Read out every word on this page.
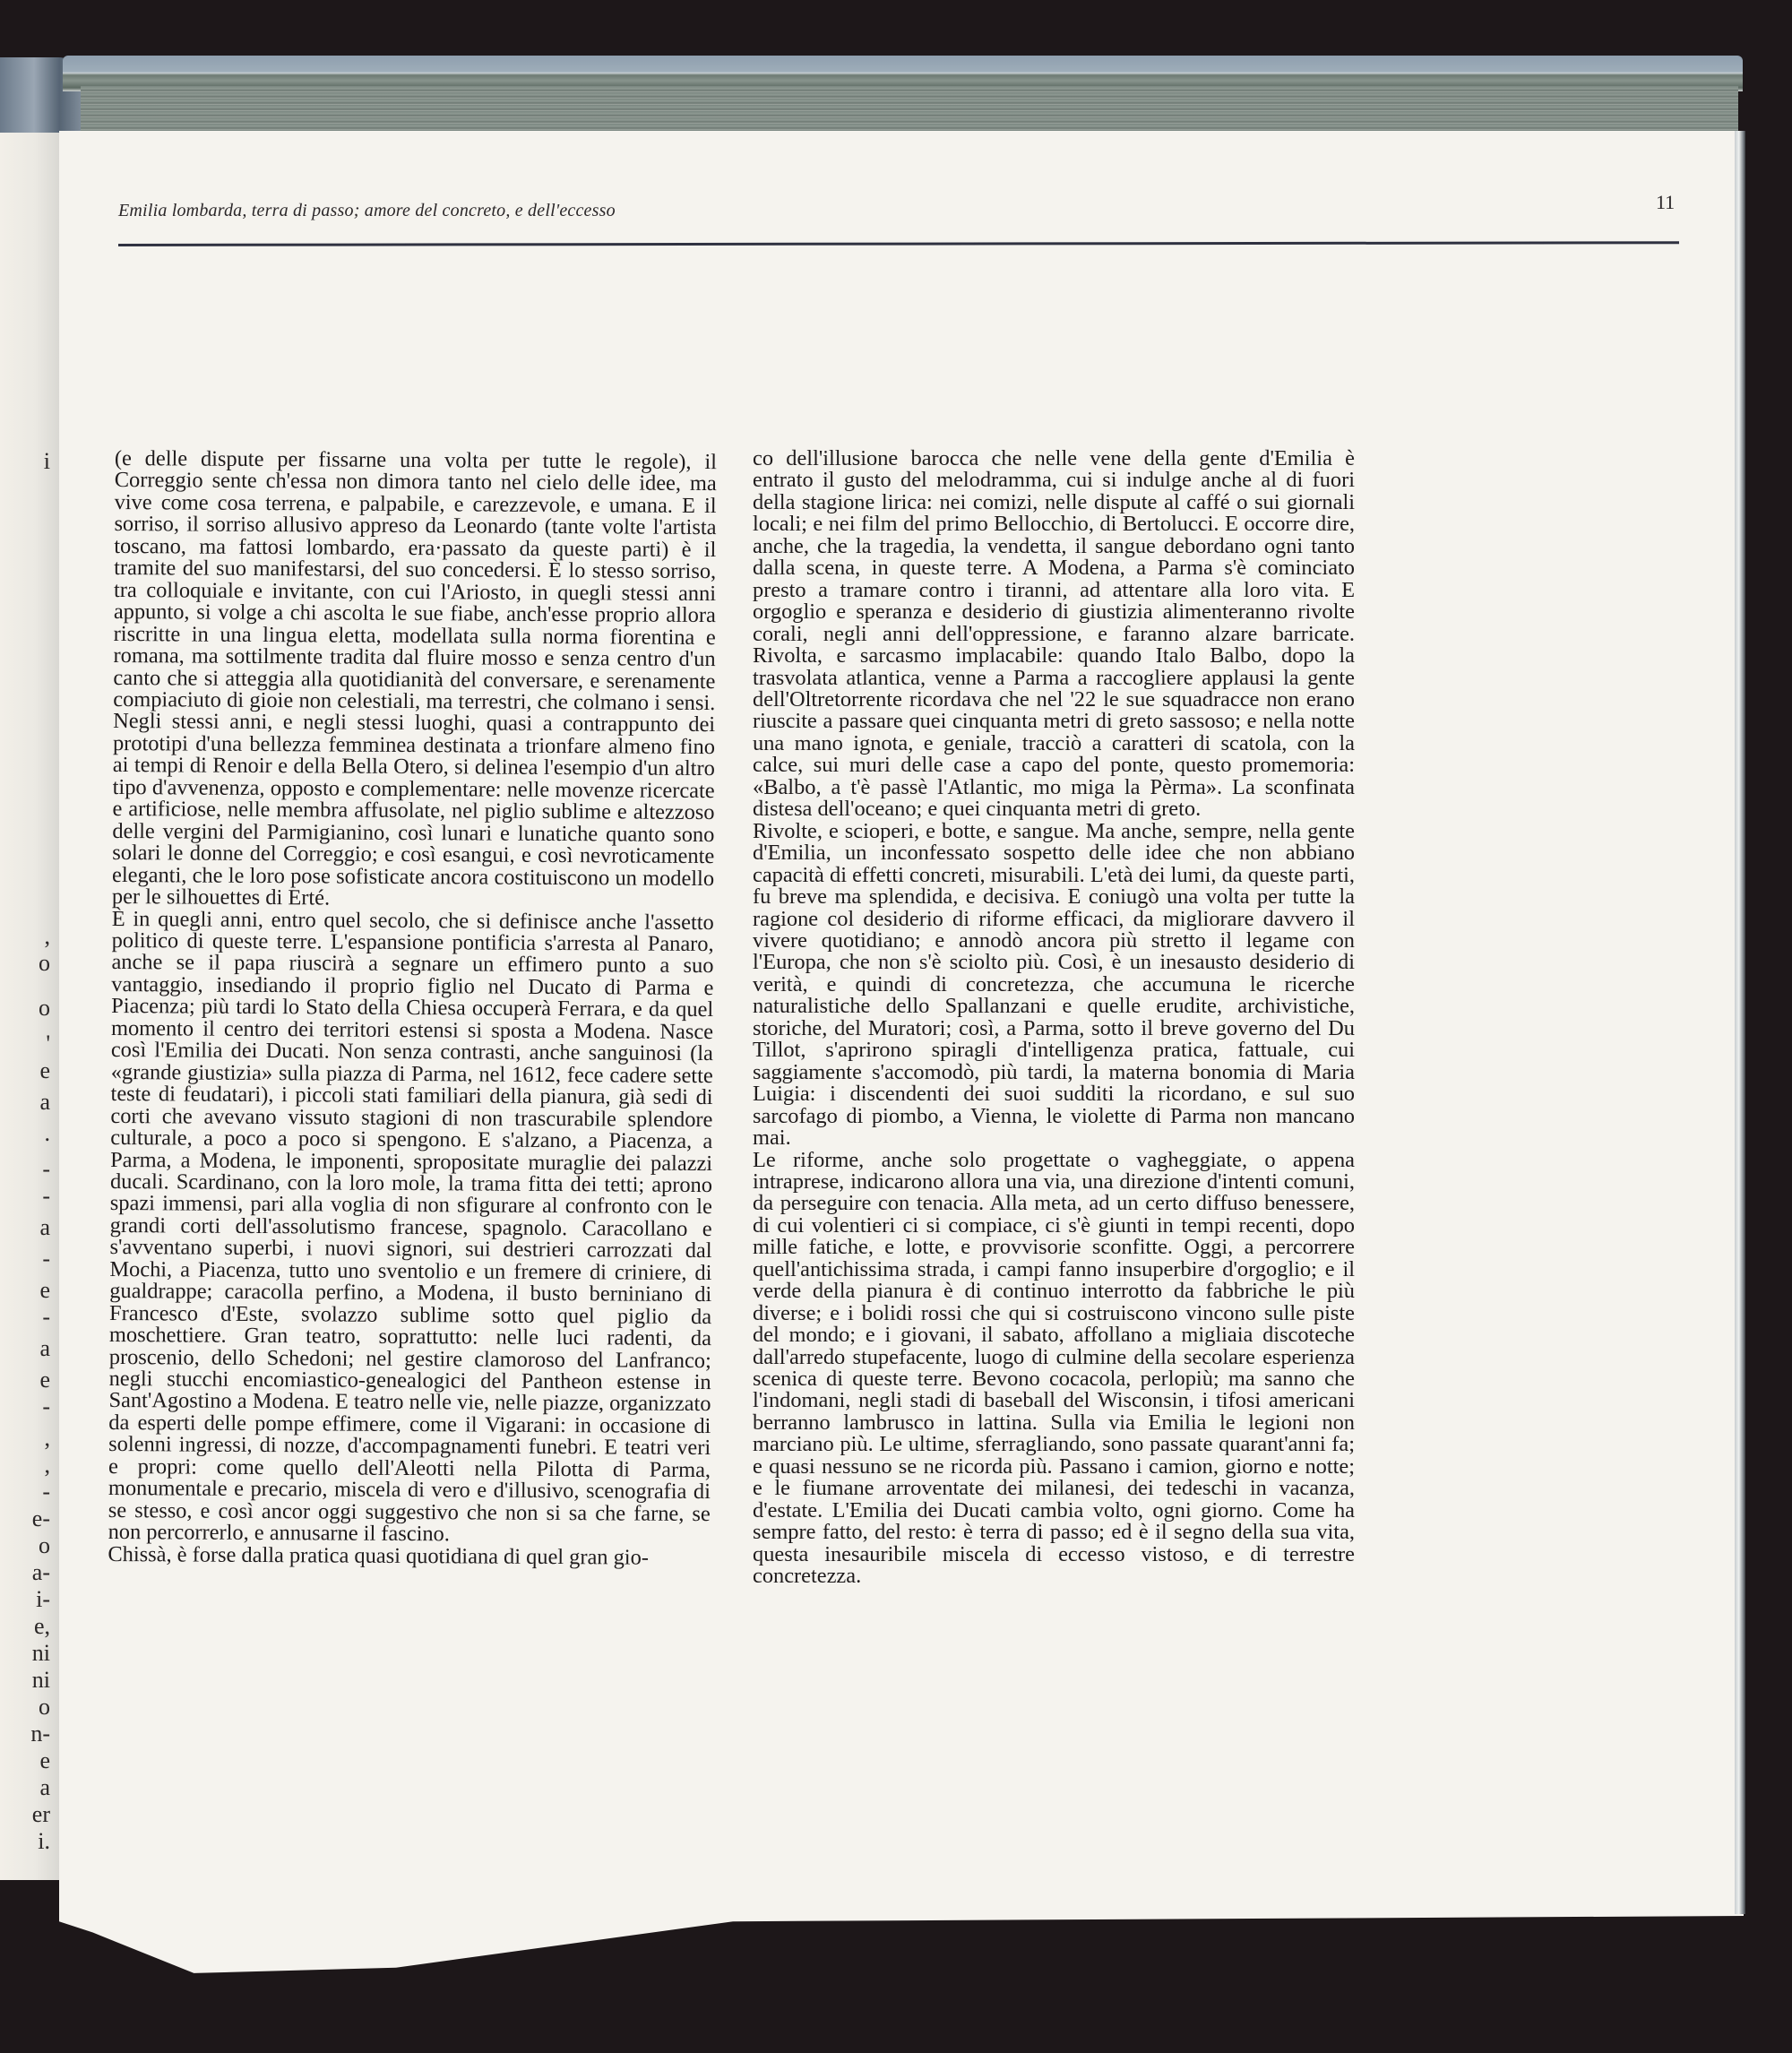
i
,
o
o
'
e
a
.
-
-
a
-
e
-
a
e
-
,
,
-
e-
o
a-
i-
e,
ni
ni
o
n-
e
a
er
i.
Emilia lombarda, terra di passo; amore del concreto, e dell'eccesso	11

(e delle dispute per fissarne una volta per tutte le regole), il Correggio sente ch'essa non dimora tanto nel cielo delle idee, ma vive come cosa terrena, e palpabile, e carezzevole, e umana. E il sorriso, il sorriso allusivo appreso da Leonardo (tante volte l'artista toscano, ma fattosi lombardo, era·passato da queste parti) è il tramite del suo manifestarsi, del suo concedersi. È lo stesso sorriso, tra colloquiale e invitante, con cui l'Ariosto, in quegli stessi anni appunto, si volge a chi ascolta le sue fiabe, anch'esse proprio allora riscritte in una lingua eletta, modellata sulla norma fiorentina e romana, ma sottilmente tradita dal fluire mosso e senza centro d'un canto che si atteggia alla quotidianità del conversare, e serenamente compiaciuto di gioie non celestiali, ma terrestri, che colmano i sensi. Negli stessi anni, e negli stessi luoghi, quasi a contrappunto dei prototipi d'una bellezza femminea destinata a trionfare almeno fino ai tempi di Renoir e della Bella Otero, si delinea l'esempio d'un altro tipo d'avvenenza, opposto e complementare: nelle movenze ricercate e artificiose, nelle membra affusolate, nel piglio sublime e altezzoso delle vergini del Parmigianino, così lunari e lunatiche quanto sono solari le donne del Correggio; e così esangui, e così nevroticamente eleganti, che le loro pose sofisticate ancora costituiscono un modello per le silhouettes di Erté.

È in quegli anni, entro quel secolo, che si definisce anche l'assetto politico di queste terre. L'espansione pontificia s'arresta al Panaro, anche se il papa riuscirà a segnare un effimero punto a suo vantaggio, insediando il proprio figlio nel Ducato di Parma e Piacenza; più tardi lo Stato della Chiesa occuperà Ferrara, e da quel momento il centro dei territori estensi si sposta a Modena. Nasce così l'Emilia dei Ducati. Non senza contrasti, anche sanguinosi (la «grande giustizia» sulla piazza di Parma, nel 1612, fece cadere sette teste di feudatari), i piccoli stati familiari della pianura, già sedi di corti che avevano vissuto stagioni di non trascurabile splendore culturale, a poco a poco si spengono. E s'alzano, a Piacenza, a Parma, a Modena, le imponenti, spropositate muraglie dei palazzi ducali. Scardinano, con la loro mole, la trama fitta dei tetti; aprono spazi immensi, pari alla voglia di non sfigurare al confronto con le grandi corti dell'assolutismo francese, spagnolo. Caracollano e s'avventano superbi, i nuovi signori, sui destrieri carrozzati dal Mochi, a Piacenza, tutto uno sventolio e un fremere di criniere, di gualdrappe; caracolla perfino, a Modena, il busto berniniano di Francesco d'Este, svolazzo sublime sotto quel piglio da moschettiere. Gran teatro, soprattutto: nelle luci radenti, da proscenio, dello Schedoni; nel gestire clamoroso del Lanfranco; negli stucchi encomiastico-genealogici del Pantheon estense in Sant'Agostino a Modena. E teatro nelle vie, nelle piazze, organizzato da esperti delle pompe effimere, come il Vigarani: in occasione di solenni ingressi, di nozze, d'accompagnamenti funebri. E teatri veri e propri: come quello dell'Aleotti nella Pilotta di Parma, monumentale e precario, miscela di vero e d'illusivo, scenografia di se stesso, e così ancor oggi suggestivo che non si sa che farne, se non percorrerlo, e annusarne il fascino.

Chissà, è forse dalla pratica quasi quotidiana di quel gran gio-

co dell'illusione barocca che nelle vene della gente d'Emilia è entrato il gusto del melodramma, cui si indulge anche al di fuori della stagione lirica: nei comizi, nelle dispute al caffé o sui giornali locali; e nei film del primo Bellocchio, di Bertolucci. E occorre dire, anche, che la tragedia, la vendetta, il sangue debordano ogni tanto dalla scena, in queste terre. A Modena, a Parma s'è cominciato presto a tramare contro i tiranni, ad attentare alla loro vita. E orgoglio e speranza e desiderio di giustizia alimenteranno rivolte corali, negli anni dell'oppressione, e faranno alzare barricate. Rivolta, e sarcasmo implacabile: quando Italo Balbo, dopo la trasvolata atlantica, venne a Parma a raccogliere applausi la gente dell'Oltretorrente ricordava che nel '22 le sue squadracce non erano riuscite a passare quei cinquanta metri di greto sassoso; e nella notte una mano ignota, e geniale, tracciò a caratteri di scatola, con la calce, sui muri delle case a capo del ponte, questo promemoria: «Balbo, a t'è passè l'Atlantic, mo miga la Pèrma». La sconfinata distesa dell'oceano; e quei cinquanta metri di greto.

Rivolte, e scioperi, e botte, e sangue. Ma anche, sempre, nella gente d'Emilia, un inconfessato sospetto delle idee che non abbiano capacità di effetti concreti, misurabili. L'età dei lumi, da queste parti, fu breve ma splendida, e decisiva. E coniugò una volta per tutte la ragione col desiderio di riforme efficaci, da migliorare davvero il vivere quotidiano; e annodò ancora più stretto il legame con l'Europa, che non s'è sciolto più. Così, è un inesausto desiderio di verità, e quindi di concretezza, che accumuna le ricerche naturalistiche dello Spallanzani e quelle erudite, archivistiche, storiche, del Muratori; così, a Parma, sotto il breve governo del Du Tillot, s'aprirono spiragli d'intelligenza pratica, fattuale, cui saggiamente s'accomodò, più tardi, la materna bonomia di Maria Luigia: i discendenti dei suoi sudditi la ricordano, e sul suo sarcofago di piombo, a Vienna, le violette di Parma non mancano mai.

Le riforme, anche solo progettate o vagheggiate, o appena intraprese, indicarono allora una via, una direzione d'intenti comuni, da perseguire con tenacia. Alla meta, ad un certo diffuso benessere, di cui volentieri ci si compiace, ci s'è giunti in tempi recenti, dopo mille fatiche, e lotte, e provvisorie sconfitte. Oggi, a percorrere quell'antichissima strada, i campi fanno insuperbire d'orgoglio; e il verde della pianura è di continuo interrotto da fabbriche le più diverse; e i bolidi rossi che qui si costruiscono vincono sulle piste del mondo; e i giovani, il sabato, affollano a migliaia discoteche dall'arredo stupefacente, luogo di culmine della secolare esperienza scenica di queste terre. Bevono cocacola, perlopiù; ma sanno che l'indomani, negli stadi di baseball del Wisconsin, i tifosi americani berranno lambrusco in lattina. Sulla via Emilia le legioni non marciano più. Le ultime, sferragliando, sono passate quarant'anni fa; e quasi nessuno se ne ricorda più. Passano i camion, giorno e notte; e le fiumane arroventate dei milanesi, dei tedeschi in vacanza, d'estate. L'Emilia dei Ducati cambia volto, ogni giorno. Come ha sempre fatto, del resto: è terra di passo; ed è il segno della sua vita, questa inesauribile miscela di eccesso vistoso, e di terrestre concretezza.
